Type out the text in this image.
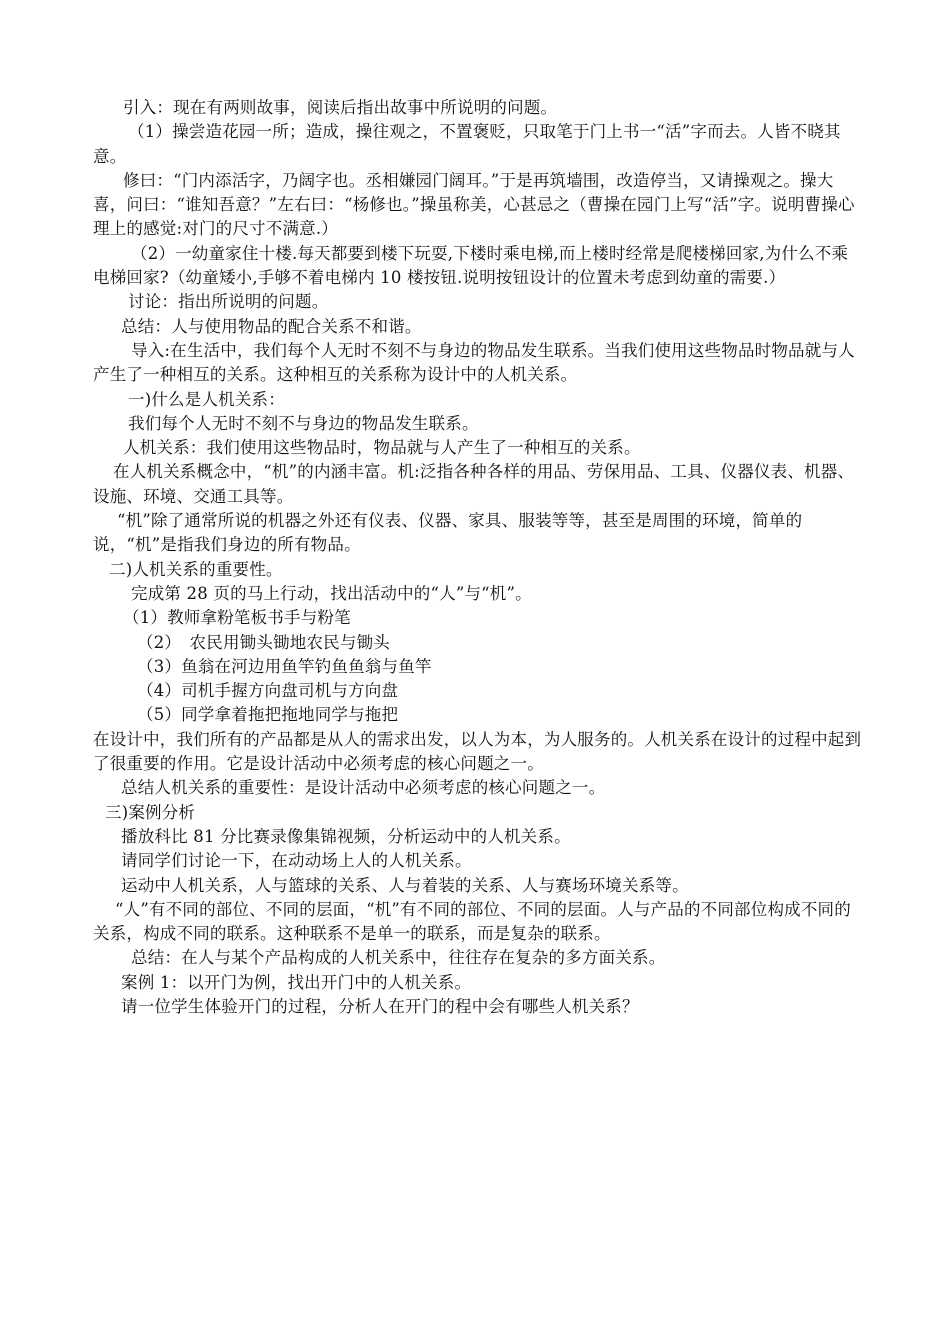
引入：现在有两则故事，阅读后指出故事中所说明的问题。

（1）操尝造花园一所；造成，操往观之，不置褒贬，只取笔于门上书一“活”字而去。人皆不晓其意。

修曰：“门内添活字，乃阔字也。丞相嫌园门阔耳。”于是再筑墙围，改造停当，又请操观之。操大喜，问曰：“谁知吾意？”左右曰：“杨修也。”操虽称美，心甚忌之（曹操在园门上写“活”字。说明曹操心理上的感觉:对门的尺寸不满意.）

（2）一幼童家住十楼.每天都要到楼下玩耍,下楼时乘电梯,而上楼时经常是爬楼梯回家,为什么不乘电梯回家?（幼童矮小,手够不着电梯内 10 楼按钮.说明按钮设计的位置未考虑到幼童的需要.）

讨论：指出所说明的问题。

总结：人与使用物品的配合关系不和谐。

导入:在生活中，我们每个人无时不刻不与身边的物品发生联系。当我们使用这些物品时物品就与人产生了一种相互的关系。这种相互的关系称为设计中的人机关系。

一)什么是人机关系：

我们每个人无时不刻不与身边的物品发生联系。

人机关系：我们使用这些物品时，物品就与人产生了一种相互的关系。

在人机关系概念中，“机”的内涵丰富。机:泛指各种各样的用品、劳保用品、工具、仪器仪表、机器、设施、环境、交通工具等。

“机”除了通常所说的机器之外还有仪表、仪器、家具、服装等等，甚至是周围的环境，简单的说，“机”是指我们身边的所有物品。

二)人机关系的重要性。

完成第 28 页的马上行动，找出活动中的“人”与“机”。

（1）教师拿粉笔板书手与粉笔

（2）　农民用锄头锄地农民与锄头

（3）鱼翁在河边用鱼竿钓鱼鱼翁与鱼竿

（4）司机手握方向盘司机与方向盘

（5）同学拿着拖把拖地同学与拖把

在设计中，我们所有的产品都是从人的需求出发，以人为本，为人服务的。人机关系在设计的过程中起到了很重要的作用。它是设计活动中必须考虑的核心问题之一。

总结人机关系的重要性：是设计活动中必须考虑的核心问题之一。

三)案例分析

播放科比 81 分比赛录像集锦视频，分析运动中的人机关系。

请同学们讨论一下，在动动场上人的人机关系。

运动中人机关系，人与篮球的关系、人与着装的关系、人与赛场环境关系等。

“人”有不同的部位、不同的层面，“机”有不同的部位、不同的层面。人与产品的不同部位构成不同的关系，构成不同的联系。这种联系不是单一的联系，而是复杂的联系。

总结：在人与某个产品构成的人机关系中，往往存在复杂的多方面关系。

案例 1：以开门为例，找出开门中的人机关系。

请一位学生体验开门的过程，分析人在开门的程中会有哪些人机关系？
